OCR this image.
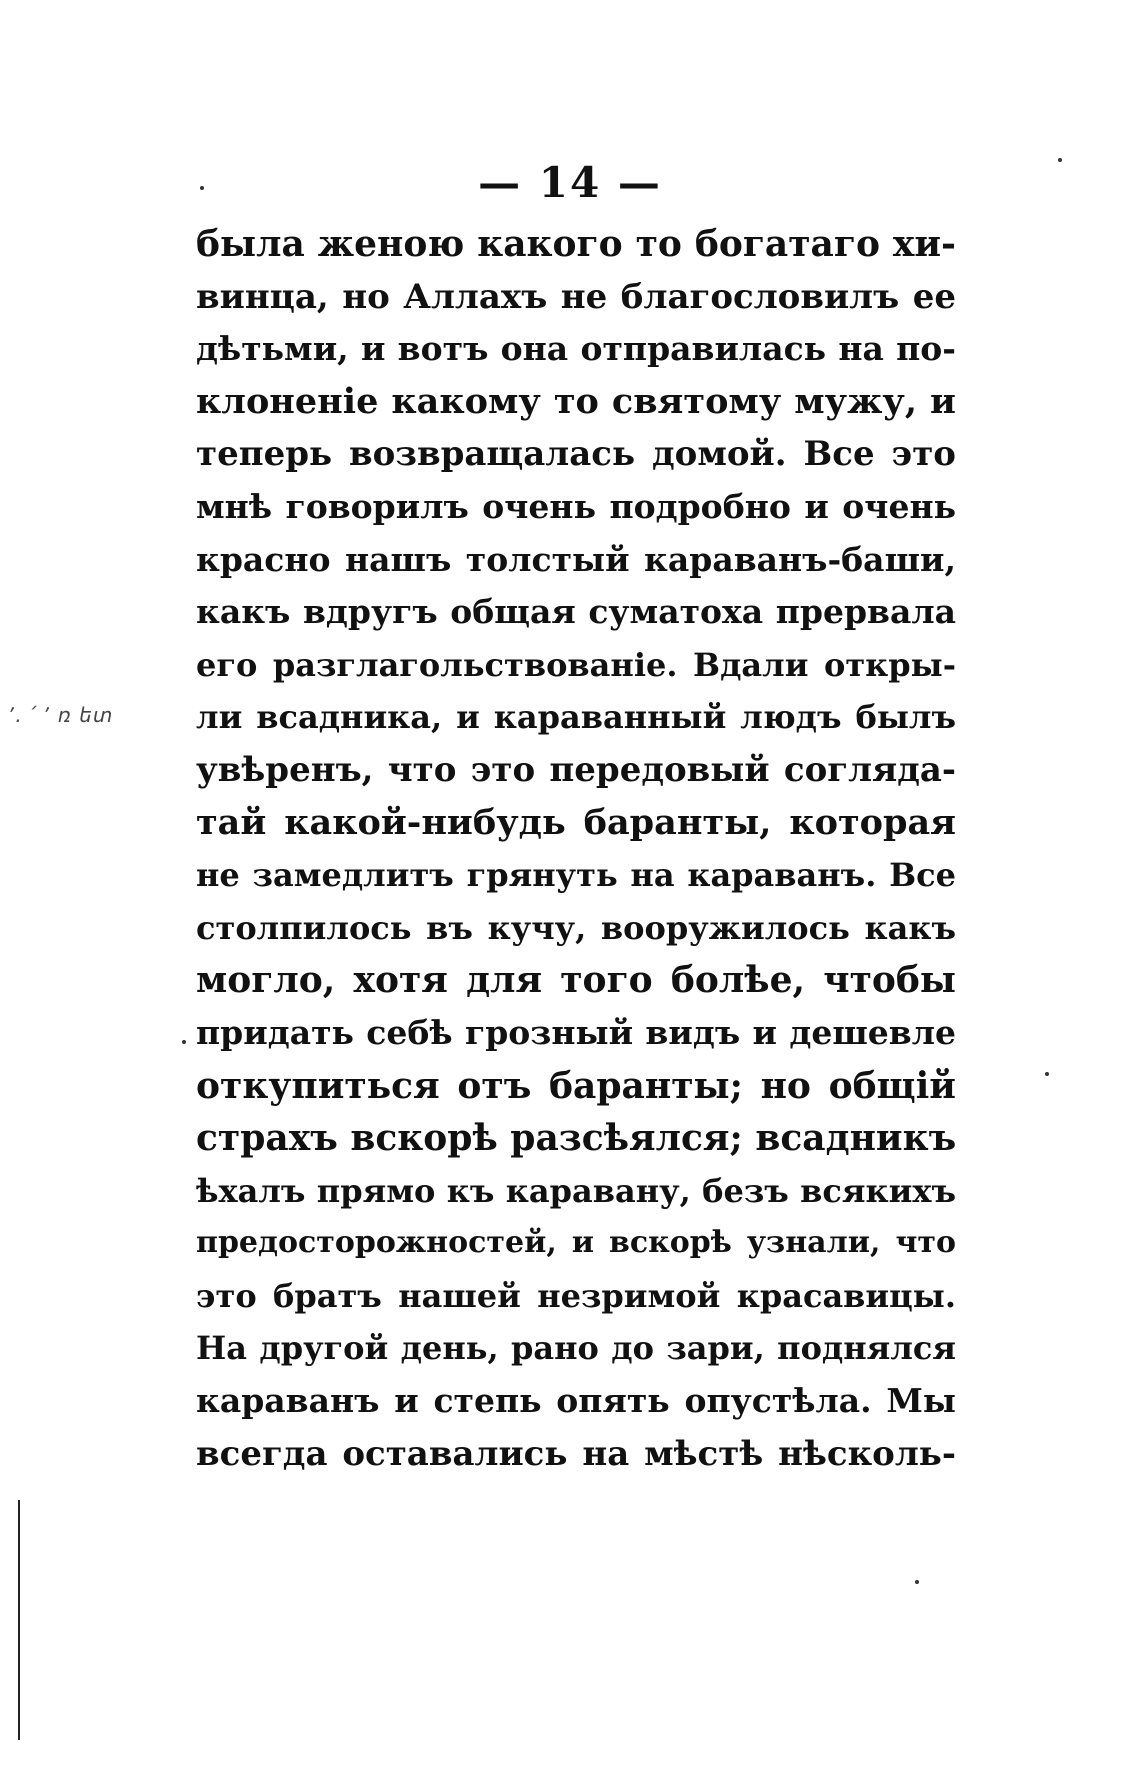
— 14 —
՚. ՛ ՚ ռ ետ
была женою какого то богатаго хи-
винца, но Аллахъ не благословилъ ее
дѣтьми, и вотъ она отправилась на по-
клоненіе какому то святому мужу, и
теперь возвращалась домой. Все это
мнѣ говорилъ очень подробно и очень
красно нашъ толстый караванъ-баши,
какъ вдругъ общая суматоха прервала
его разглагольствованіе. Вдали откры-
ли всадника, и караванный людъ былъ
увѣренъ, что это передовый соглядa-
тай какой-нибудь баранты, которая
не замедлитъ грянуть на караванъ. Все
столпилось въ кучу, вооружилось какъ
могло, хотя для того болѣе, чтобы
придать себѣ грозный видъ и дешевле
откупиться отъ баранты; но общій
страхъ вскорѣ разсѣялся; всадникъ
ѣхалъ прямо къ каравану, безъ всякихъ
предосторожностей, и вскорѣ узнали, что
это братъ нашей незримой красавицы.
На другой день, рано до зари, поднялся
караванъ и степь опять опустѣла. Мы
всегда оставались на мѣстѣ нѣсколь-
